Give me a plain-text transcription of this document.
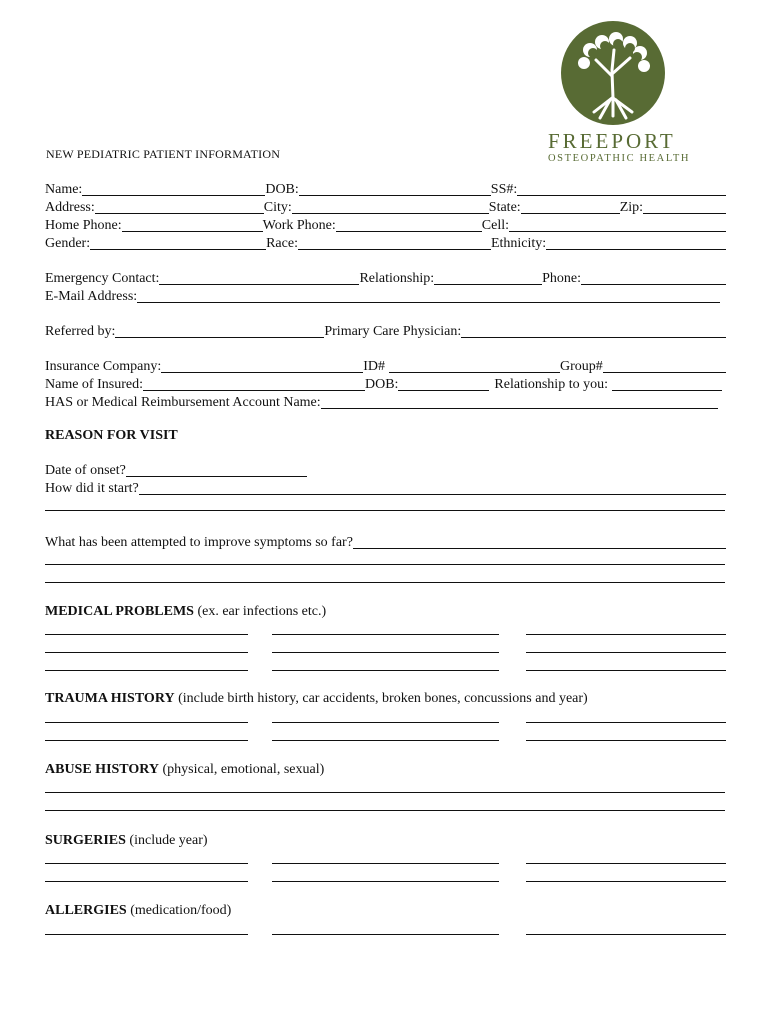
FREEPORT
OSTEOPATHIC HEALTH
NEW PEDIATRIC PATIENT INFORMATION
Name:	DOB:	SS#:
Address:	City:	State:	Zip:
Home Phone:	Work Phone:	Cell:
Gender:	Race:	Ethnicity:
Emergency Contact:	Relationship:	Phone:
E-Mail Address:
Referred by:	Primary Care Physician:
Insurance Company:	ID#	Group#
Name of Insured:	DOB:	Relationship to you:
HAS or Medical Reimbursement Account Name:
REASON FOR VISIT
Date of onset?
How did it start?
What has been attempted to improve symptoms so far?
MEDICAL PROBLEMS (ex. ear infections etc.)
TRAUMA HISTORY (include birth history, car accidents, broken bones, concussions and year)
ABUSE HISTORY (physical, emotional, sexual)
SURGERIES (include year)
ALLERGIES (medication/food)
